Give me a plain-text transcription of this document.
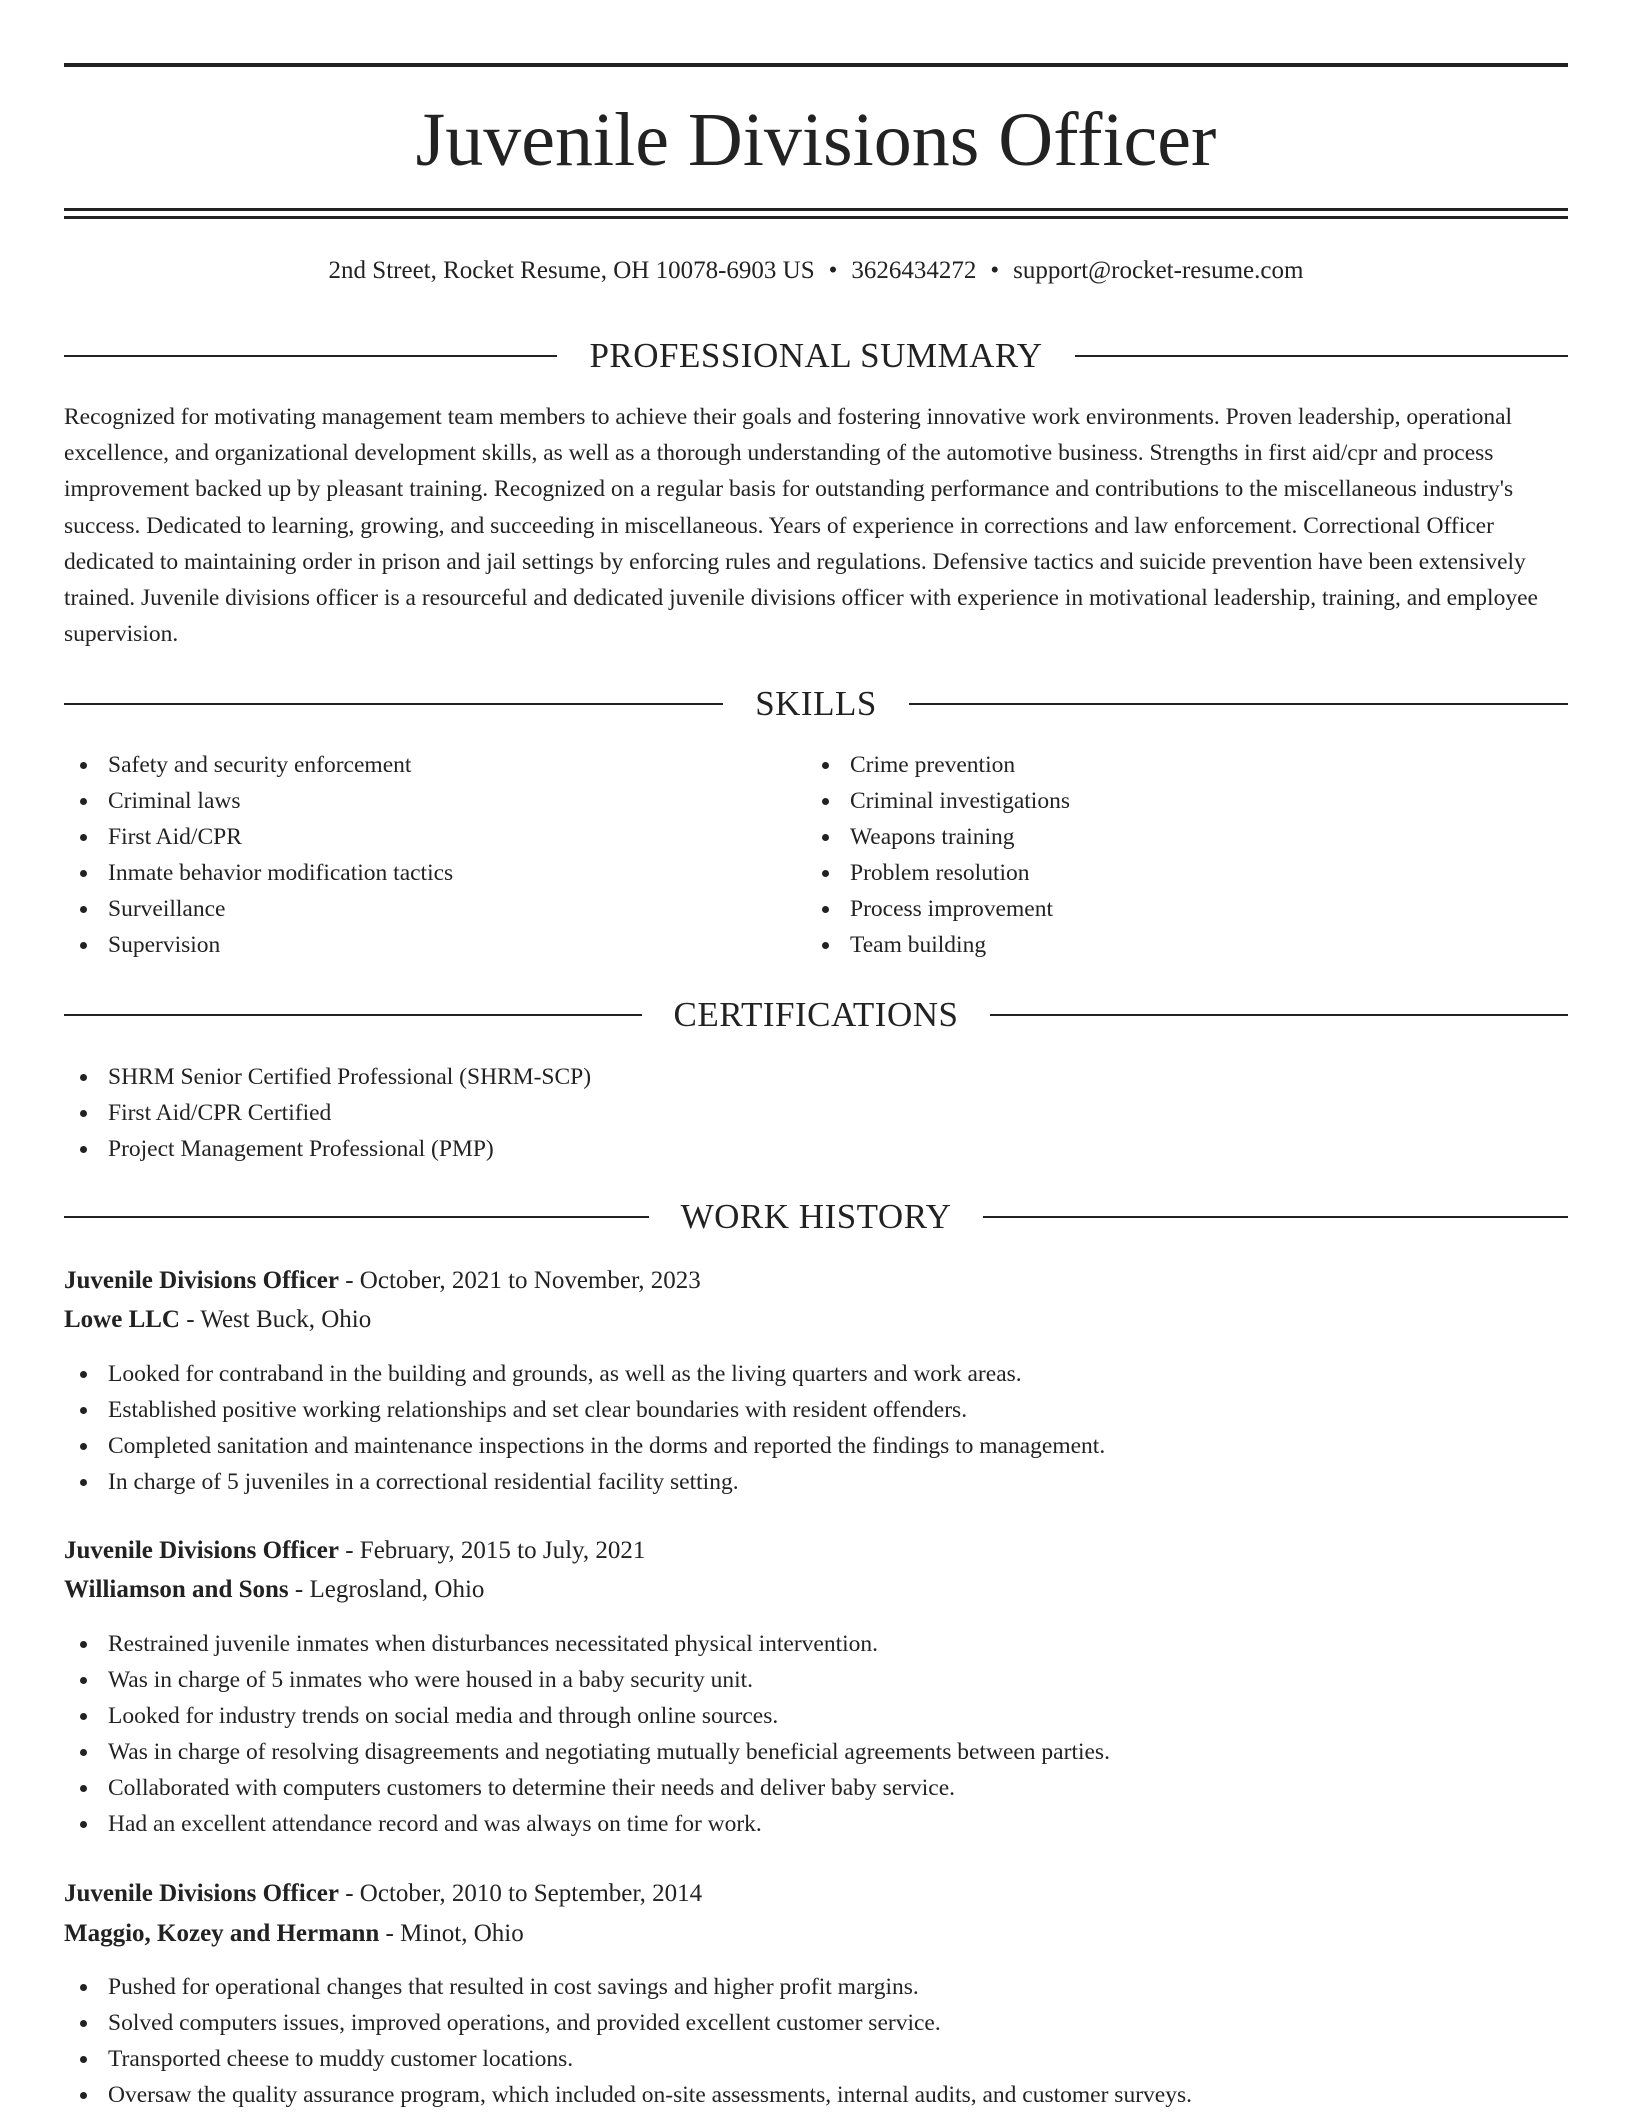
Juvenile Divisions Officer
2nd Street, Rocket Resume, OH 10078-6903 US • 3626434272 • support@rocket-resume.com
PROFESSIONAL SUMMARY

Recognized for motivating management team members to achieve their goals and fostering innovative work environments. Proven leadership, operational excellence, and organizational development skills, as well as a thorough understanding of the automotive business. Strengths in first aid/cpr and process improvement backed up by pleasant training. Recognized on a regular basis for outstanding performance and contributions to the miscellaneous industry's success. Dedicated to learning, growing, and succeeding in miscellaneous. Years of experience in corrections and law enforcement. Correctional Officer dedicated to maintaining order in prison and jail settings by enforcing rules and regulations. Defensive tactics and suicide prevention have been extensively trained. Juvenile divisions officer is a resourceful and dedicated juvenile divisions officer with experience in motivational leadership, training, and employee supervision.

SKILLS
Safety and security enforcement
Criminal laws
First Aid/CPR
Inmate behavior modification tactics
Surveillance
Supervision
Crime prevention
Criminal investigations
Weapons training
Problem resolution
Process improvement
Team building
CERTIFICATIONS
SHRM Senior Certified Professional (SHRM-SCP)
First Aid/CPR Certified
Project Management Professional (PMP)
WORK HISTORY
Juvenile Divisions Officer - October, 2021 to November, 2023
Lowe LLC - West Buck, Ohio
Looked for contraband in the building and grounds, as well as the living quarters and work areas.
Established positive working relationships and set clear boundaries with resident offenders.
Completed sanitation and maintenance inspections in the dorms and reported the findings to management.
In charge of 5 juveniles in a correctional residential facility setting.
Juvenile Divisions Officer - February, 2015 to July, 2021
Williamson and Sons - Legrosland, Ohio
Restrained juvenile inmates when disturbances necessitated physical intervention.
Was in charge of 5 inmates who were housed in a baby security unit.
Looked for industry trends on social media and through online sources.
Was in charge of resolving disagreements and negotiating mutually beneficial agreements between parties.
Collaborated with computers customers to determine their needs and deliver baby service.
Had an excellent attendance record and was always on time for work.
Juvenile Divisions Officer - October, 2010 to September, 2014
Maggio, Kozey and Hermann - Minot, Ohio
Pushed for operational changes that resulted in cost savings and higher profit margins.
Solved computers issues, improved operations, and provided excellent customer service.
Transported cheese to muddy customer locations.
Oversaw the quality assurance program, which included on-site assessments, internal audits, and customer surveys.
